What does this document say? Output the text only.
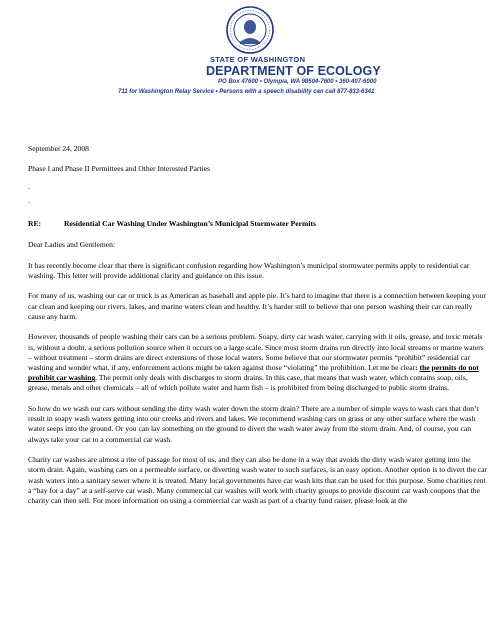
STATE OF WASHINGTON
DEPARTMENT OF ECOLOGY
PO Box 47600 • Olympia, WA 98504-7600 • 360-407-6000
711 for Washington Relay Service • Persons with a speech disability can call 877-833-6341

September 24, 2008

Phase I and Phase II Permittees and Other Interested Parties

.

`

RE:	Residential Car Washing Under Washington’s Municipal Stormwater Permits

Dear Ladies and Gentlemen:

It has recently become clear that there is significant confusion regarding how Washington’s municipal stormwater permits apply to residential car washing. This letter will provide additional clarity and guidance on this issue.

For many of us, washing our car or truck is as American as baseball and apple pie. It’s hard to imagine that there is a connection between keeping your car clean and keeping our rivers, lakes, and marine waters clean and healthy. It’s harder still to believe that one person washing their car can really cause any harm.

However, thousands of people washing their cars can be a serious problem. Soapy, dirty car wash water, carrying with it oils, grease, and toxic metals is, without a doubt, a serious pollution source when it occurs on a large scale. Since most storm drains run directly into local streams or marine waters – without treatment – storm drains are direct extensions of those local waters. Some believe that our stormwater permits “prohibit” residential car washing and wonder what, if any, enforcement actions might be taken against those “violating” the prohibition. Let me be clear: the permits do not prohibit car washing. The permit only deals with discharges to storm drains. In this case, that means that wash water, which contains soap, oils, grease, metals and other chemicals – all of which pollute water and harm fish – is prohibited from being discharged to public storm drains.

So how do we wash our cars without sending the dirty wash water down the storm drain? There are a number of simple ways to wash cars that don’t result in soapy wash waters getting into our creeks and rivers and lakes. We recommend washing cars on grass or any other surface where the wash water seeps into the ground. Or you can lay something on the ground to divert the wash water away from the storm drain. And, of course, you can always take your car to a commercial car wash.

Charity car washes are almost a rite of passage for most of us, and they can also be done in a way that avoids the dirty wash water getting into the storm drain. Again, washing cars on a permeable surface, or diverting wash water to such surfaces, is an easy option. Another option is to divert the car wash waters into a sanitary sewer where it is treated. Many local governments have car wash kits that can be used for this purpose. Some charities rent a “bay for a day” at a self-serve car wash. Many commercial car washes will work with charity groups to provide discount car wash coupons that the charity can then sell. For more information on using a commercial car wash as part of a charity fund raiser, please look at the
